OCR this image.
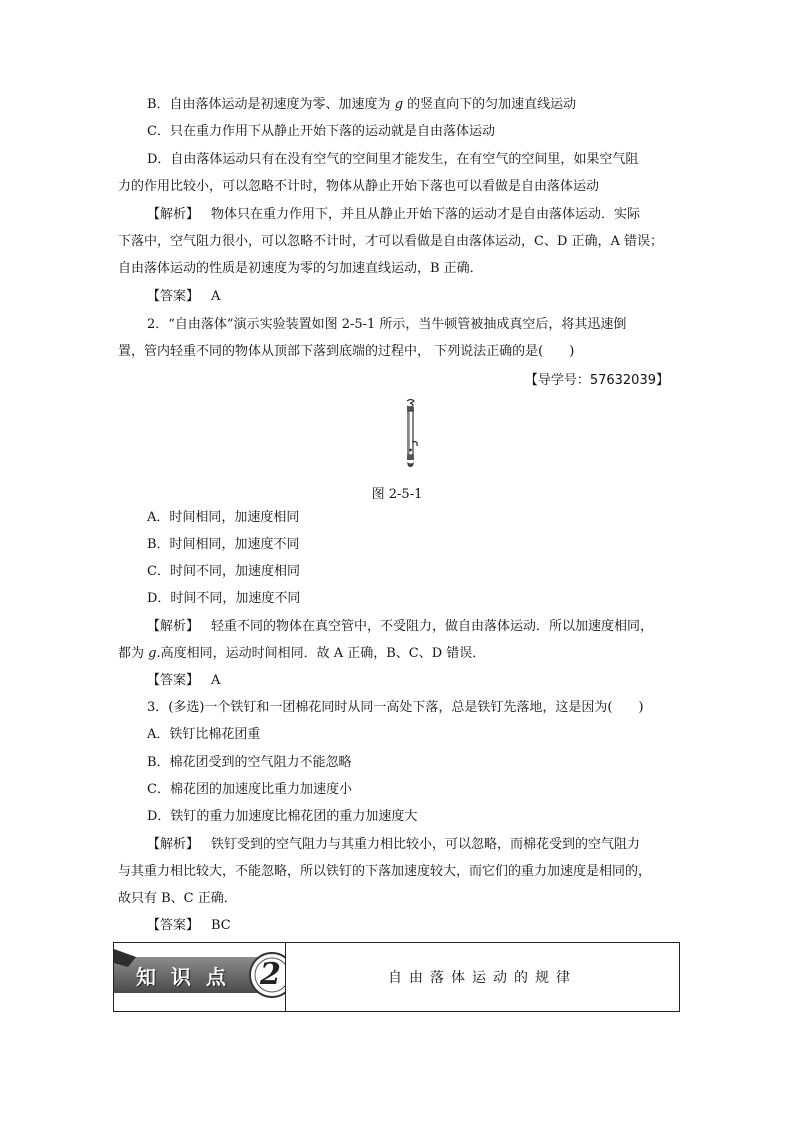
B．自由落体运动是初速度为零、加速度为 g 的竖直向下的匀加速直线运动
C．只在重力作用下从静止开始下落的运动就是自由落体运动
D．自由落体运动只有在没有空气的空间里才能发生，在有空气的空间里，如果空气阻
力的作用比较小，可以忽略不计时，物体从静止开始下落也可以看做是自由落体运动
【解析】 物体只在重力作用下，并且从静止开始下落的运动才是自由落体运动．实际
下落中，空气阻力很小，可以忽略不计时，才可以看做是自由落体运动，C、D 正确，A 错误；
自由落体运动的性质是初速度为零的匀加速直线运动，B 正确．
【答案】 A
2．“自由落体”演示实验装置如图 2-5-1 所示，当牛顿管被抽成真空后，将其迅速倒
置，管内轻重不同的物体从顶部下落到底端的过程中， 下列说法正确的是(　　)
【导学号：57632039】
图 2-5-1
A．时间相同，加速度相同
B．时间相同，加速度不同
C．时间不同，加速度相同
D．时间不同，加速度不同
【解析】 轻重不同的物体在真空管中，不受阻力，做自由落体运动．所以加速度相同，
都为 g.高度相同，运动时间相同．故 A 正确，B、C、D 错误．
【答案】 A
3．(多选)一个铁钉和一团棉花同时从同一高处下落，总是铁钉先落地，这是因为(　　)
A．铁钉比棉花团重
B．棉花团受到的空气阻力不能忽略
C．棉花团的加速度比重力加速度小
D．铁钉的重力加速度比棉花团的重力加速度大
【解析】 铁钉受到的空气阻力与其重力相比较小，可以忽略，而棉花受到的空气阻力
与其重力相比较大，不能忽略，所以铁钉的下落加速度较大，而它们的重力加速度是相同的，
故只有 B、C 正确．
【答案】 BC
知 识 点 2	自由落体运动的规律
